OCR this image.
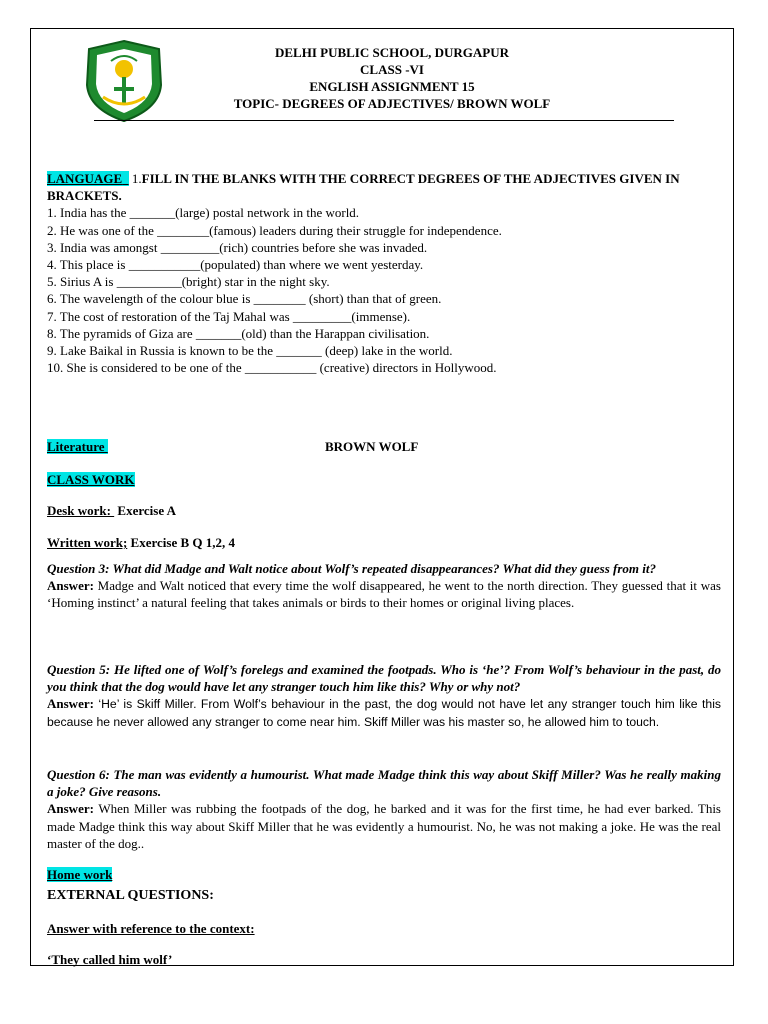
DELHI PUBLIC SCHOOL, DURGAPUR
CLASS -VI
ENGLISH ASSIGNMENT 15
TOPIC- DEGREES OF ADJECTIVES/ BROWN WOLF

LANGUAGE 1.FILL IN THE BLANKS WITH THE CORRECT DEGREES OF THE ADJECTIVES GIVEN IN BRACKETS.

1. India has the _______(large) postal network in the world.

2. He was one of the ________(famous) leaders during their struggle for independence.

3. India was amongst _________(rich) countries before she was invaded.

4. This place is ___________(populated) than where we went yesterday.

5. Sirius A is __________(bright) star in the night sky.

6. The wavelength of the colour blue is ________ (short) than that of green.

7. The cost of restoration of the Taj Mahal was _________(immense).

8. The pyramids of Giza are _______(old) than the Harappan civilisation.

9. Lake Baikal in Russia is known to be the _______ (deep) lake in the world.

10. She is considered to be one of the ___________ (creative) directors in Hollywood.

Literature	BROWN WOLF
CLASS WORK
Desk work:  Exercise A
Written work; Exercise B Q 1,2, 4

Question 3: What did Madge and Walt notice about Wolf’s repeated disappearances? What did they guess from it?

Answer: Madge and Walt noticed that every time the wolf disappeared, he went to the north direction. They guessed that it was ‘Homing instinct’ a natural feeling that takes animals or birds to their homes or original living places.

Question 5: He lifted one of Wolf’s forelegs and examined the footpads. Who is ‘he’? From Wolf’s behaviour in the past, do you think that the dog would have let any stranger touch him like this? Why or why not?

Answer: ‘He’ is Skiff Miller. From Wolf’s behaviour in the past, the dog would not have let any stranger touch him like this because he never allowed any stranger to come near him. Skiff Miller was his master so, he allowed him to touch.

Question 6: The man was evidently a humourist. What made Madge think this way about Skiff Miller? Was he really making a joke? Give reasons.

Answer: When Miller was rubbing the footpads of the dog, he barked and it was for the first time, he had ever barked. This made Madge think this way about Skiff Miller that he was evidently a humourist. No, he was not making a joke. He was the real master of the dog..

Home work
EXTERNAL QUESTIONS:
Answer with reference to the context:
‘They called him wolf’
